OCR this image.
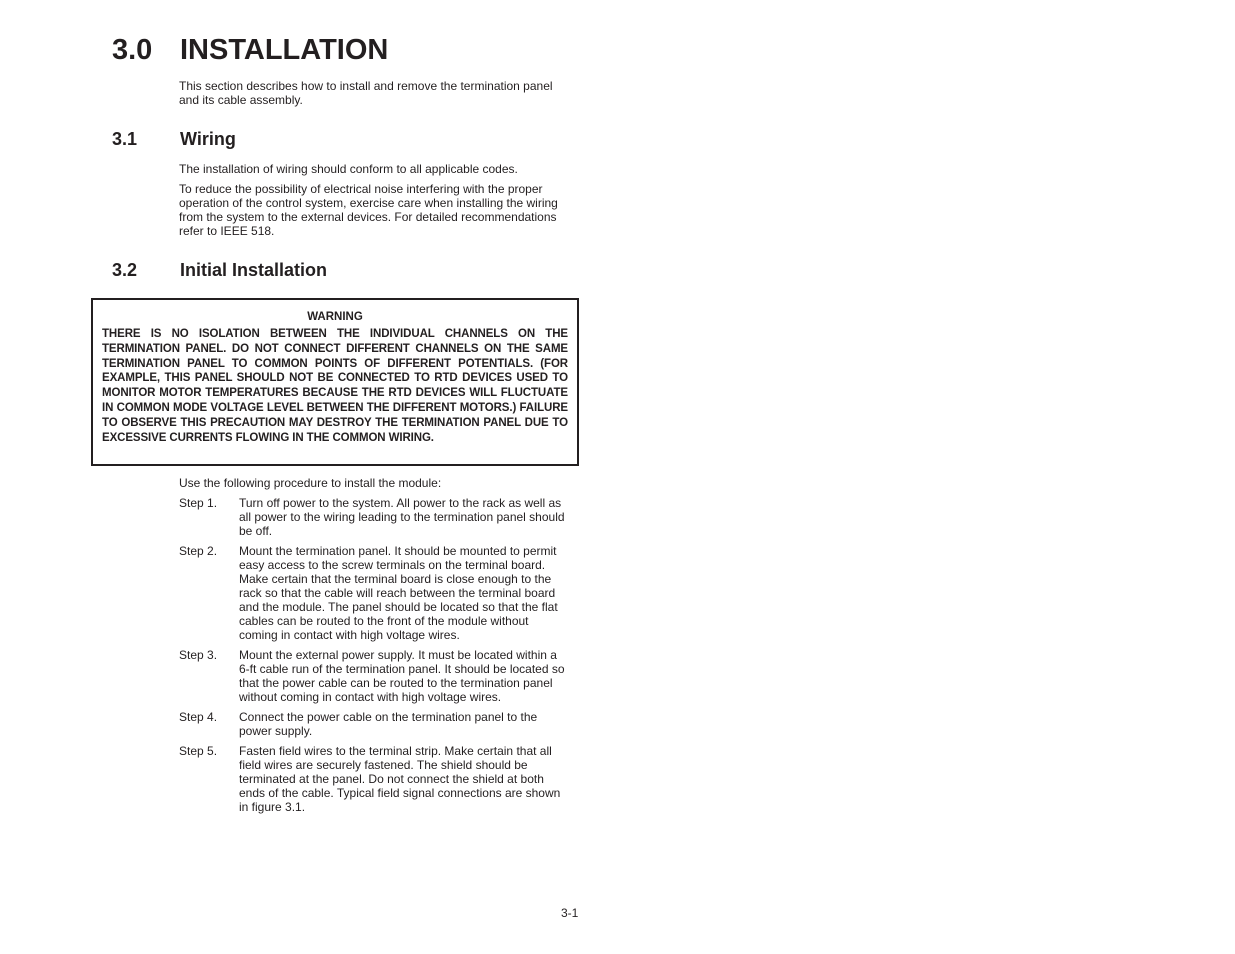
3.0 INSTALLATION

This section describes how to install and remove the termination panel and its cable assembly.

3.1 Wiring

The installation of wiring should conform to all applicable codes.

To reduce the possibility of electrical noise interfering with the proper operation of the control system, exercise care when installing the wiring from the system to the external devices. For detailed recommendations refer to IEEE 518.

3.2 Initial Installation

WARNING

THERE IS NO ISOLATION BETWEEN THE INDIVIDUAL CHANNELS ON THE TERMINATION PANEL. DO NOT CONNECT DIFFERENT CHANNELS ON THE SAME TERMINATION PANEL TO COMMON POINTS OF DIFFERENT POTENTIALS. (FOR EXAMPLE, THIS PANEL SHOULD NOT BE CONNECTED TO RTD DEVICES USED TO MONITOR MOTOR TEMPERATURES BECAUSE THE RTD DEVICES WILL FLUCTUATE IN COMMON MODE VOLTAGE LEVEL BETWEEN THE DIFFERENT MOTORS.) FAILURE TO OBSERVE THIS PRECAUTION MAY DESTROY THE TERMINATION PANEL DUE TO EXCESSIVE CURRENTS FLOWING IN THE COMMON WIRING.

Use the following procedure to install the module:

Step 1.	Turn off power to the system. All power to the rack as well as all power to the wiring leading to the termination panel should be off.
Step 2.	Mount the termination panel. It should be mounted to permit easy access to the screw terminals on the terminal board. Make certain that the terminal board is close enough to the rack so that the cable will reach between the terminal board and the module. The panel should be located so that the flat cables can be routed to the front of the module without coming in contact with high voltage wires.
Step 3.	Mount the external power supply. It must be located within a 6-ft cable run of the termination panel. It should be located so that the power cable can be routed to the termination panel without coming in contact with high voltage wires.
Step 4.	Connect the power cable on the termination panel to the power supply.
Step 5.	Fasten field wires to the terminal strip. Make certain that all field wires are securely fastened. The shield should be terminated at the panel. Do not connect the shield at both ends of the cable. Typical field signal connections are shown in figure 3.1.
3-1
